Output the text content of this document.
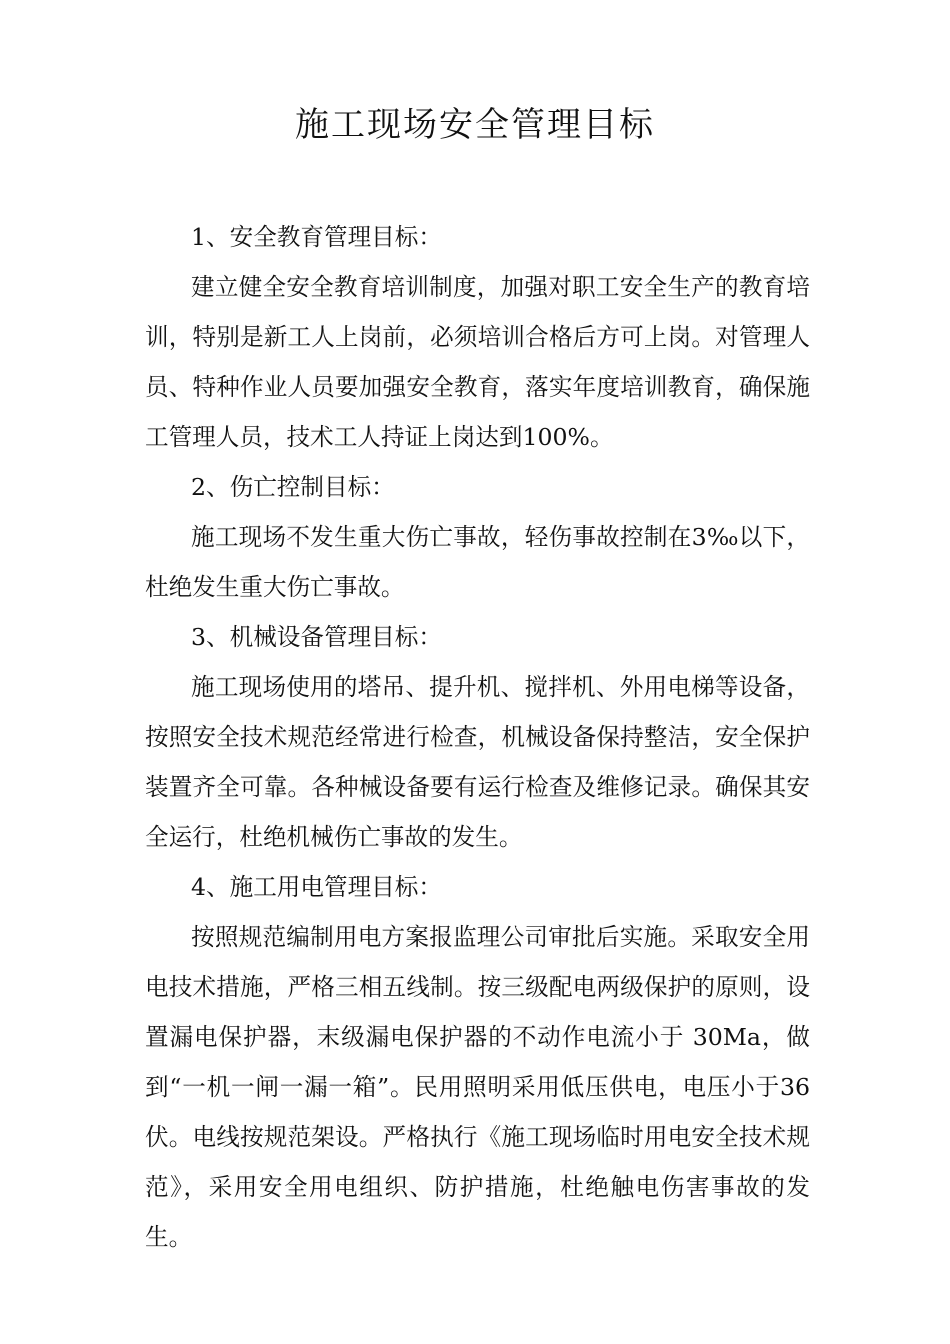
施工现场安全管理目标

1、安全教育管理目标：

建立健全安全教育培训制度，加强对职工安全生产的教育培训，特别是新工人上岗前，必须培训合格后方可上岗。对管理人员、特种作业人员要加强安全教育，落实年度培训教育，确保施工管理人员，技术工人持证上岗达到100%。

2、伤亡控制目标：

施工现场不发生重大伤亡事故，轻伤事故控制在3‰以下，杜绝发生重大伤亡事故。

3、机械设备管理目标：

施工现场使用的塔吊、提升机、搅拌机、外用电梯等设备，按照安全技术规范经常进行检查，机械设备保持整洁，安全保护装置齐全可靠。各种械设备要有运行检查及维修记录。确保其安全运行，杜绝机械伤亡事故的发生。

4、施工用电管理目标：

按照规范编制用电方案报监理公司审批后实施。采取安全用电技术措施，严格三相五线制。按三级配电两级保护的原则，设置漏电保护器，末级漏电保护器的不动作电流小于 30Ma，做到“一机一闸一漏一箱”。民用照明采用低压供电，电压小于36伏。电线按规范架设。严格执行《施工现场临时用电安全技术规范》，采用安全用电组织、防护措施，杜绝触电伤害事故的发生。
